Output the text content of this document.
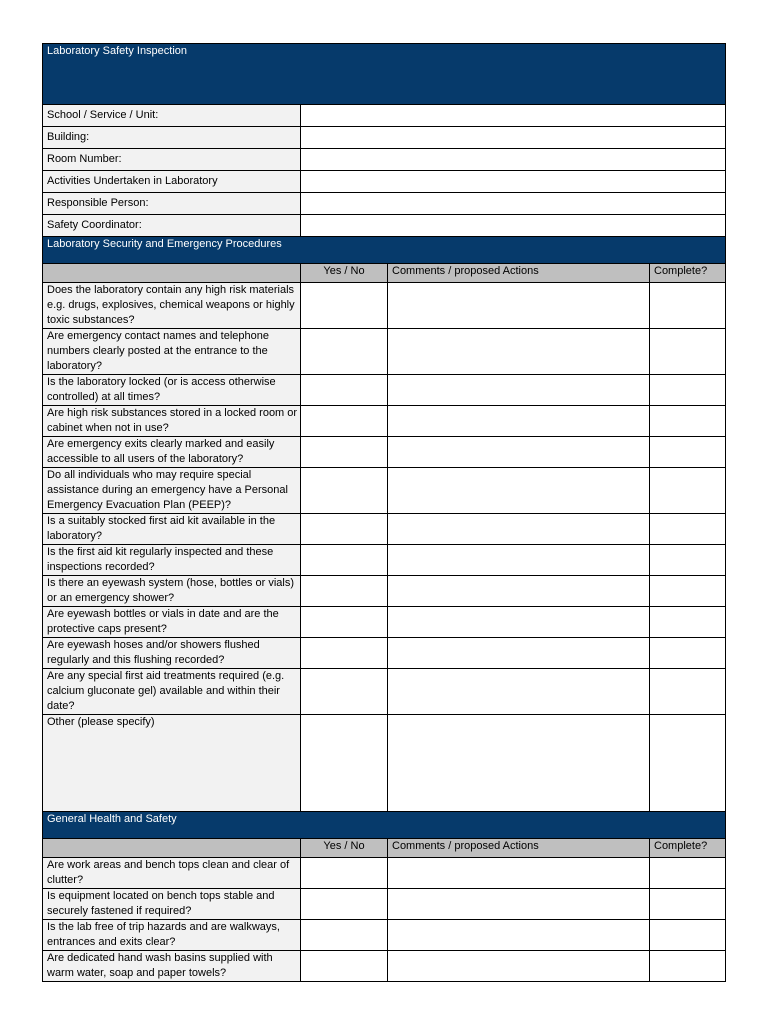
Laboratory Safety Inspection			
School / Service / Unit:			
Building:			
Room Number:			
Activities Undertaken in Laboratory			
Responsible Person:			
Safety Coordinator:			
Laboratory Security and Emergency Procedures			
	Yes / No	Comments / proposed Actions	Complete?
Does the laboratory contain any high risk materials e.g. drugs, explosives, chemical weapons or highly toxic substances?			
Are emergency contact names and telephone numbers clearly posted at the entrance to the laboratory?			
Is the laboratory locked (or is access otherwise controlled) at all times?			
Are high risk substances stored in a locked room or cabinet when not in use?			
Are emergency exits clearly marked and easily accessible to all users of the laboratory?			
Do all individuals who may require special assistance during an emergency have a Personal Emergency Evacuation Plan (PEEP)?			
Is a suitably stocked first aid kit available in the laboratory?			
Is the first aid kit regularly inspected and these inspections recorded?			
Is there an eyewash system (hose, bottles or vials) or an emergency shower?			
Are eyewash bottles or vials in date and are the protective caps present?			
Are eyewash hoses and/or showers flushed regularly and this flushing recorded?			
Are any special first aid treatments required (e.g. calcium gluconate gel) available and within their date?			
Other (please specify)			
General Health and Safety			
	Yes / No	Comments / proposed Actions	Complete?
Are work areas and bench tops clean and clear of clutter?			
Is equipment located on bench tops stable and securely fastened if required?			
Is the lab free of trip hazards and are walkways, entrances and exits clear?			
Are dedicated hand wash basins supplied with warm water, soap and paper towels?			
